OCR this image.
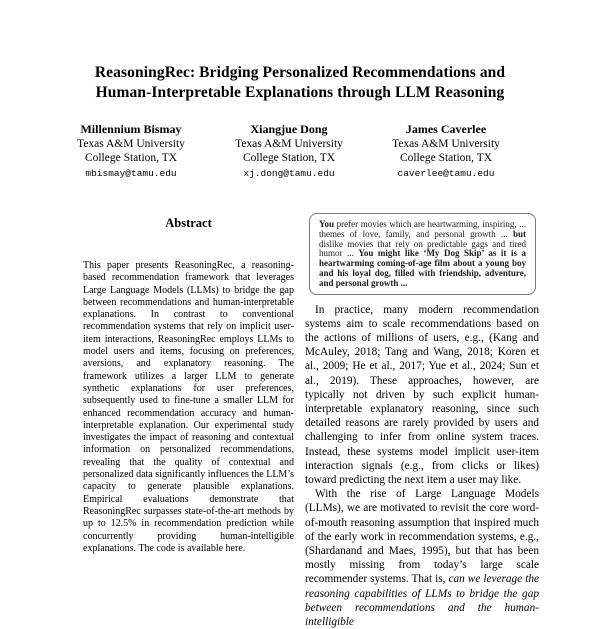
ReasoningRec: Bridging Personalized Recommendations and
Human-Interpretable Explanations through LLM Reasoning
Millennium Bismay
Texas A&M University
College Station, TX
mbismay@tamu.edu
Xiangjue Dong
Texas A&M University
College Station, TX
xj.dong@tamu.edu
James Caverlee
Texas A&M University
College Station, TX
caverlee@tamu.edu
Abstract

This paper presents ReasoningRec, a reasoning-based recommendation framework that leverages Large Language Models (LLMs) to bridge the gap between recommendations and human-interpretable explanations. In contrast to conventional recommendation systems that rely on implicit user-item interactions, ReasoningRec employs LLMs to model users and items, focusing on preferences, aversions, and explanatory reasoning. The framework utilizes a larger LLM to generate synthetic explanations for user preferences, subsequently used to fine-tune a smaller LLM for enhanced recommendation accuracy and human-interpretable explanation. Our experimental study investigates the impact of reasoning and contextual information on personalized recommendations, revealing that the quality of contextual and personalized data significantly influences the LLM’s capacity to generate plausible explanations. Empirical evaluations demonstrate that ReasoningRec surpasses state-of-the-art methods by up to 12.5% in recommendation prediction while concurrently providing human-intelligible explanations. The code is available here.

You prefer movies which are heartwarming, inspiring, ... themes of love, family, and personal growth ... but dislike movies that rely on predictable gags and tired humor ... You might like ‘My Dog Skip’ as it is a heartwarming coming-of-age film about a young boy and his loyal dog, filled with friendship, adventure, and personal growth ...

In practice, many modern recommendation systems aim to scale recommendations based on the actions of millions of users, e.g., (Kang and McAuley, 2018; Tang and Wang, 2018; Koren et al., 2009; He et al., 2017; Yue et al., 2024; Sun et al., 2019). These approaches, however, are typically not driven by such explicit human-interpretable explanatory reasoning, since such detailed reasons are rarely provided by users and challenging to infer from online system traces. Instead, these systems model implicit user-item interaction signals (e.g., from clicks or likes) toward predicting the next item a user may like.

With the rise of Large Language Models (LLMs), we are motivated to revisit the core word-of-mouth reasoning assumption that inspired much of the early work in recommendation systems, e.g., (Shardanand and Maes, 1995), but that has been mostly missing from today’s large scale recommender systems. That is, can we leverage the reasoning capabilities of LLMs to bridge the gap between recommendations and the human-intelligible
